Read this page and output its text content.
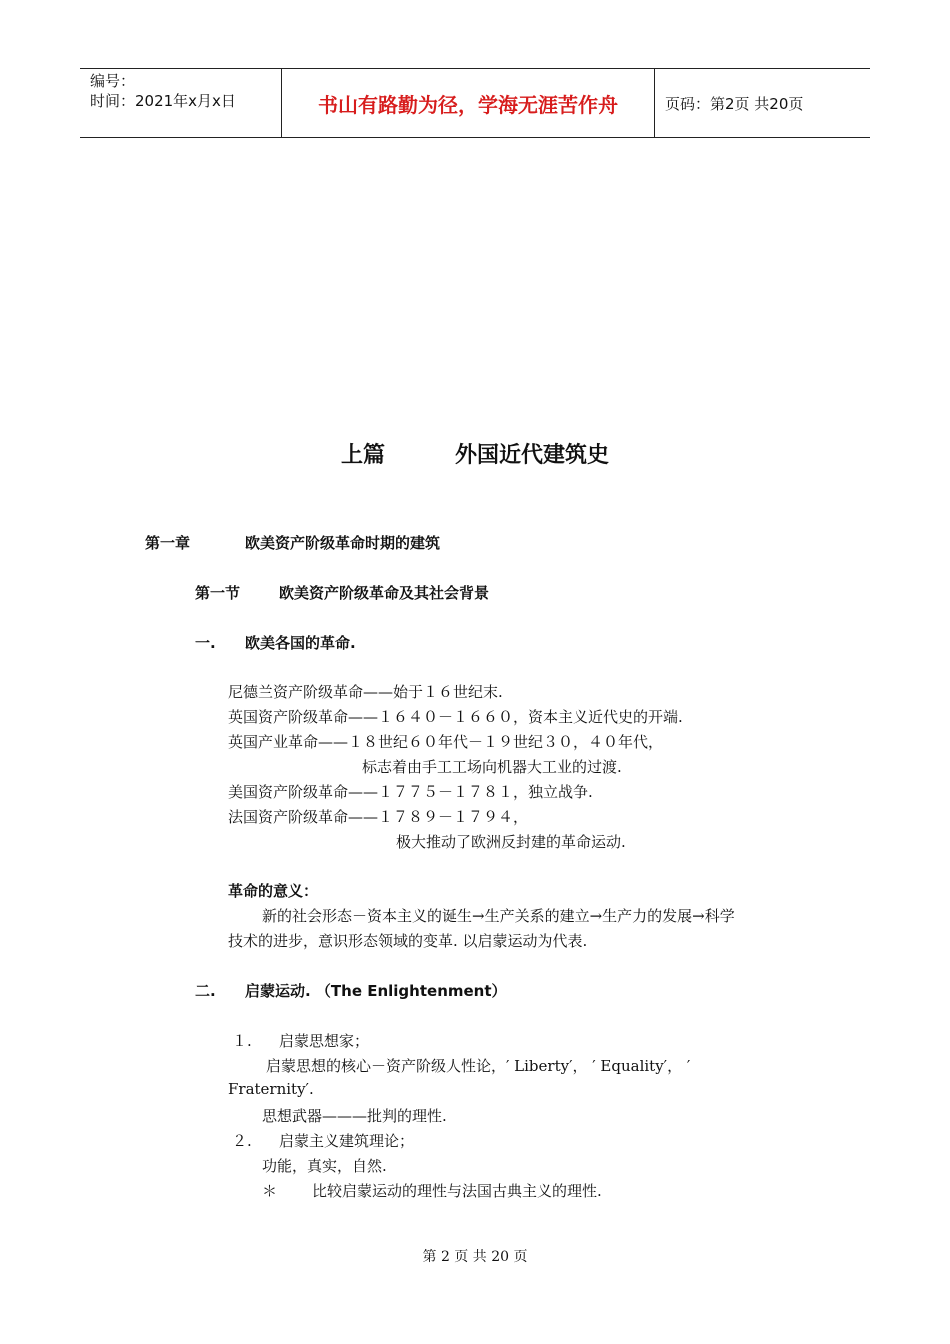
编号：
时间：2021年x月x日	书山有路勤为径，学海无涯苦作舟	页码：第2页 共20页
上篇	外国近代建筑史
第一章	欧美资产阶级革命时期的建筑
第一节	欧美资产阶级革命及其社会背景
一. 欧美各国的革命.
尼德兰资产阶级革命——始于１６世纪末.
英国资产阶级革命——１６４０－１６６０，资本主义近代史的开端.
英国产业革命——１８世纪６０年代－１９世纪３０，４０年代，
标志着由手工工场向机器大工业的过渡.
美国资产阶级革命——１７７５－１７８１，独立战争.
法国资产阶级革命——１７８９－１７９４，
极大推动了欧洲反封建的革命运动.
革命的意义：
新的社会形态－资本主义的诞生→生产关系的建立→生产力的发展→科学
技术的进步，意识形态领域的变革. 以启蒙运动为代表.
二. 启蒙运动. （The Enlightenment）
１. 启蒙思想家；
启蒙思想的核心－资产阶级人性论，′ Liberty′， ′ Equality′， ′
Fraternity′.
思想武器———批判的理性.
２. 启蒙主义建筑理论；
功能，真实，自然.
＊ 比较启蒙运动的理性与法国古典主义的理性.
第 2 页 共 20 页
